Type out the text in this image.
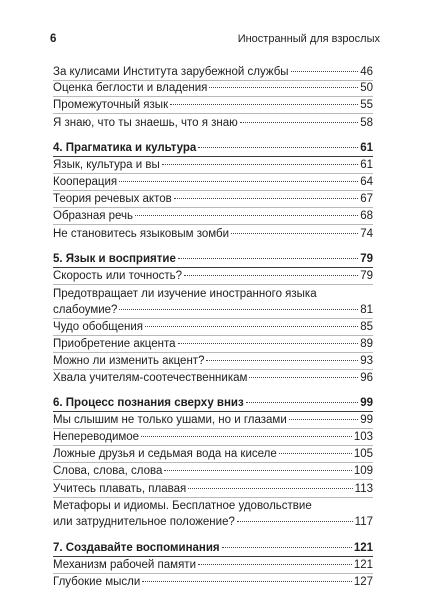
6	Иностранный для взрослых
За кулисами Института зарубежной службы	46
Оценка беглости и владения	50
Промежуточный язык	55
Я знаю, что ты знаешь, что я знаю	58
4. Прагматика и культура	61
Язык, культура и вы	61
Кооперация	64
Теория речевых актов	67
Образная речь	68
Не становитесь языковым зомби	74
5. Язык и восприятие	79
Скорость или точность?	79
Предотвращает ли изучение иностранного языка
слабоумие?	81
Чудо обобщения	85
Приобретение акцента	89
Можно ли изменить акцент?	93
Хвала учителям-соотечественникам	96
6. Процесс познания сверху вниз	99
Мы слышим не только ушами, но и глазами	99
Непереводимое	103
Ложные друзья и седьмая вода на киселе	105
Слова, слова, слова	109
Учитесь плавать, плавая	113
Метафоры и идиомы. Бесплатное удовольствие
или затруднительное положение?	117
7. Создавайте воспоминания	121
Механизм рабочей памяти	121
Глубокие мысли	127
